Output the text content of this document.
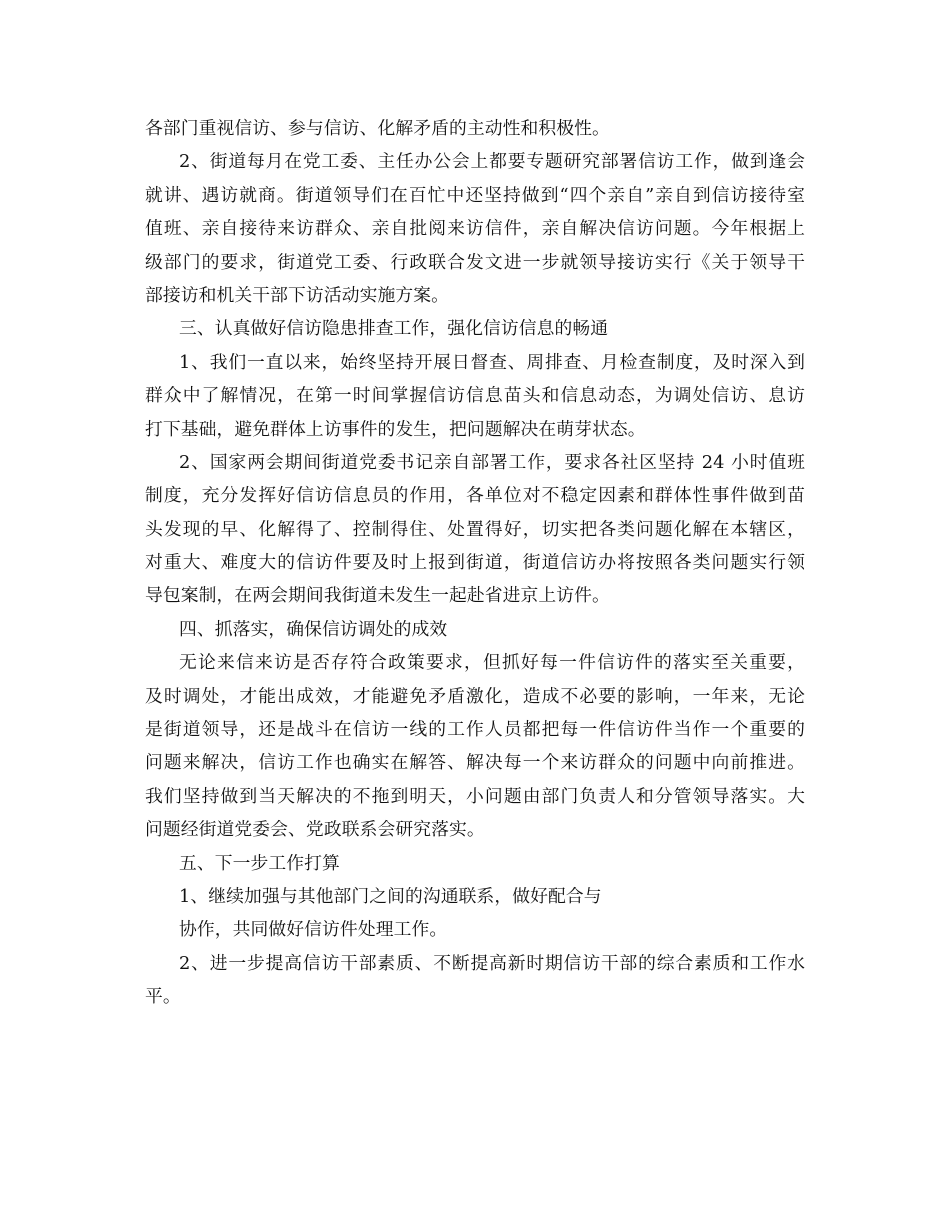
各部门重视信访、参与信访、化解矛盾的主动性和积极性。
2、街道每月在党工委、主任办公会上都要专题研究部署信访工作，做到逢会
就讲、遇访就商。街道领导们在百忙中还坚持做到“四个亲自”亲自到信访接待室
值班、亲自接待来访群众、亲自批阅来访信件，亲自解决信访问题。今年根据上
级部门的要求，街道党工委、行政联合发文进一步就领导接访实行《关于领导干
部接访和机关干部下访活动实施方案。
三、认真做好信访隐患排查工作，强化信访信息的畅通
1、我们一直以来，始终坚持开展日督查、周排查、月检查制度，及时深入到
群众中了解情况，在第一时间掌握信访信息苗头和信息动态，为调处信访、息访
打下基础，避免群体上访事件的发生，把问题解决在萌芽状态。
2、国家两会期间街道党委书记亲自部署工作，要求各社区坚持 24 小时值班
制度，充分发挥好信访信息员的作用，各单位对不稳定因素和群体性事件做到苗
头发现的早、化解得了、控制得住、处置得好，切实把各类问题化解在本辖区，
对重大、难度大的信访件要及时上报到街道，街道信访办将按照各类问题实行领
导包案制，在两会期间我街道未发生一起赴省进京上访件。
四、抓落实，确保信访调处的成效
无论来信来访是否存符合政策要求，但抓好每一件信访件的落实至关重要，
及时调处，才能出成效，才能避免矛盾激化，造成不必要的影响，一年来，无论
是街道领导，还是战斗在信访一线的工作人员都把每一件信访件当作一个重要的
问题来解决，信访工作也确实在解答、解决每一个来访群众的问题中向前推进。
我们坚持做到当天解决的不拖到明天，小问题由部门负责人和分管领导落实。大
问题经街道党委会、党政联系会研究落实。
五、下一步工作打算
1、继续加强与其他部门之间的沟通联系，做好配合与
协作，共同做好信访件处理工作。
2、进一步提高信访干部素质、不断提高新时期信访干部的综合素质和工作水
平。
